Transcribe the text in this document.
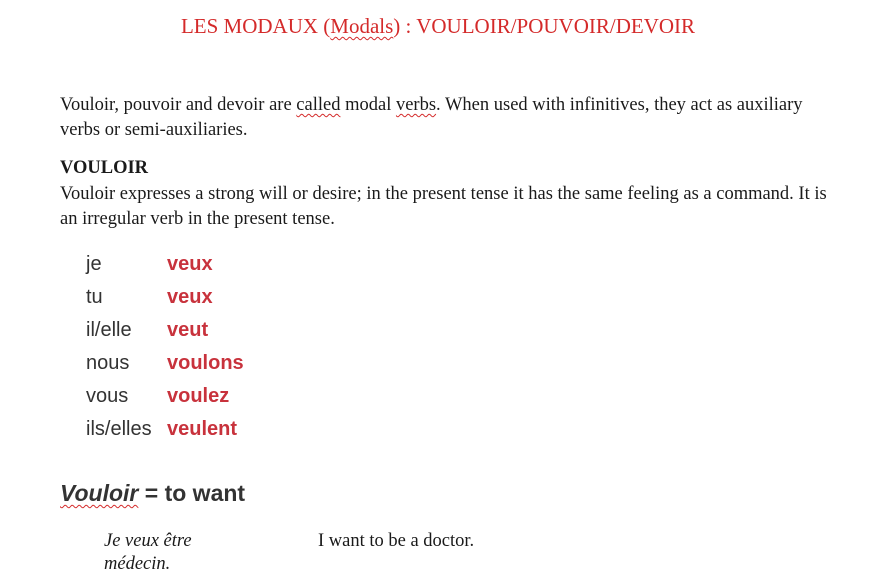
LES MODAUX (Modals) : VOULOIR/POUVOIR/DEVOIR
Vouloir, pouvoir and devoir are called modal verbs. When used with infinitives, they act as auxiliary verbs or semi-auxiliaries.
VOULOIR
Vouloir expresses a strong will or desire; in the present tense it has the same feeling as a command. It is an irregular verb in the present tense.
je	veux
tu	veux
il/elle	veut
nous	voulons
vous	voulez
ils/elles veulent
Vouloir = to want
Je veux être médecin.
I want to be a doctor.
